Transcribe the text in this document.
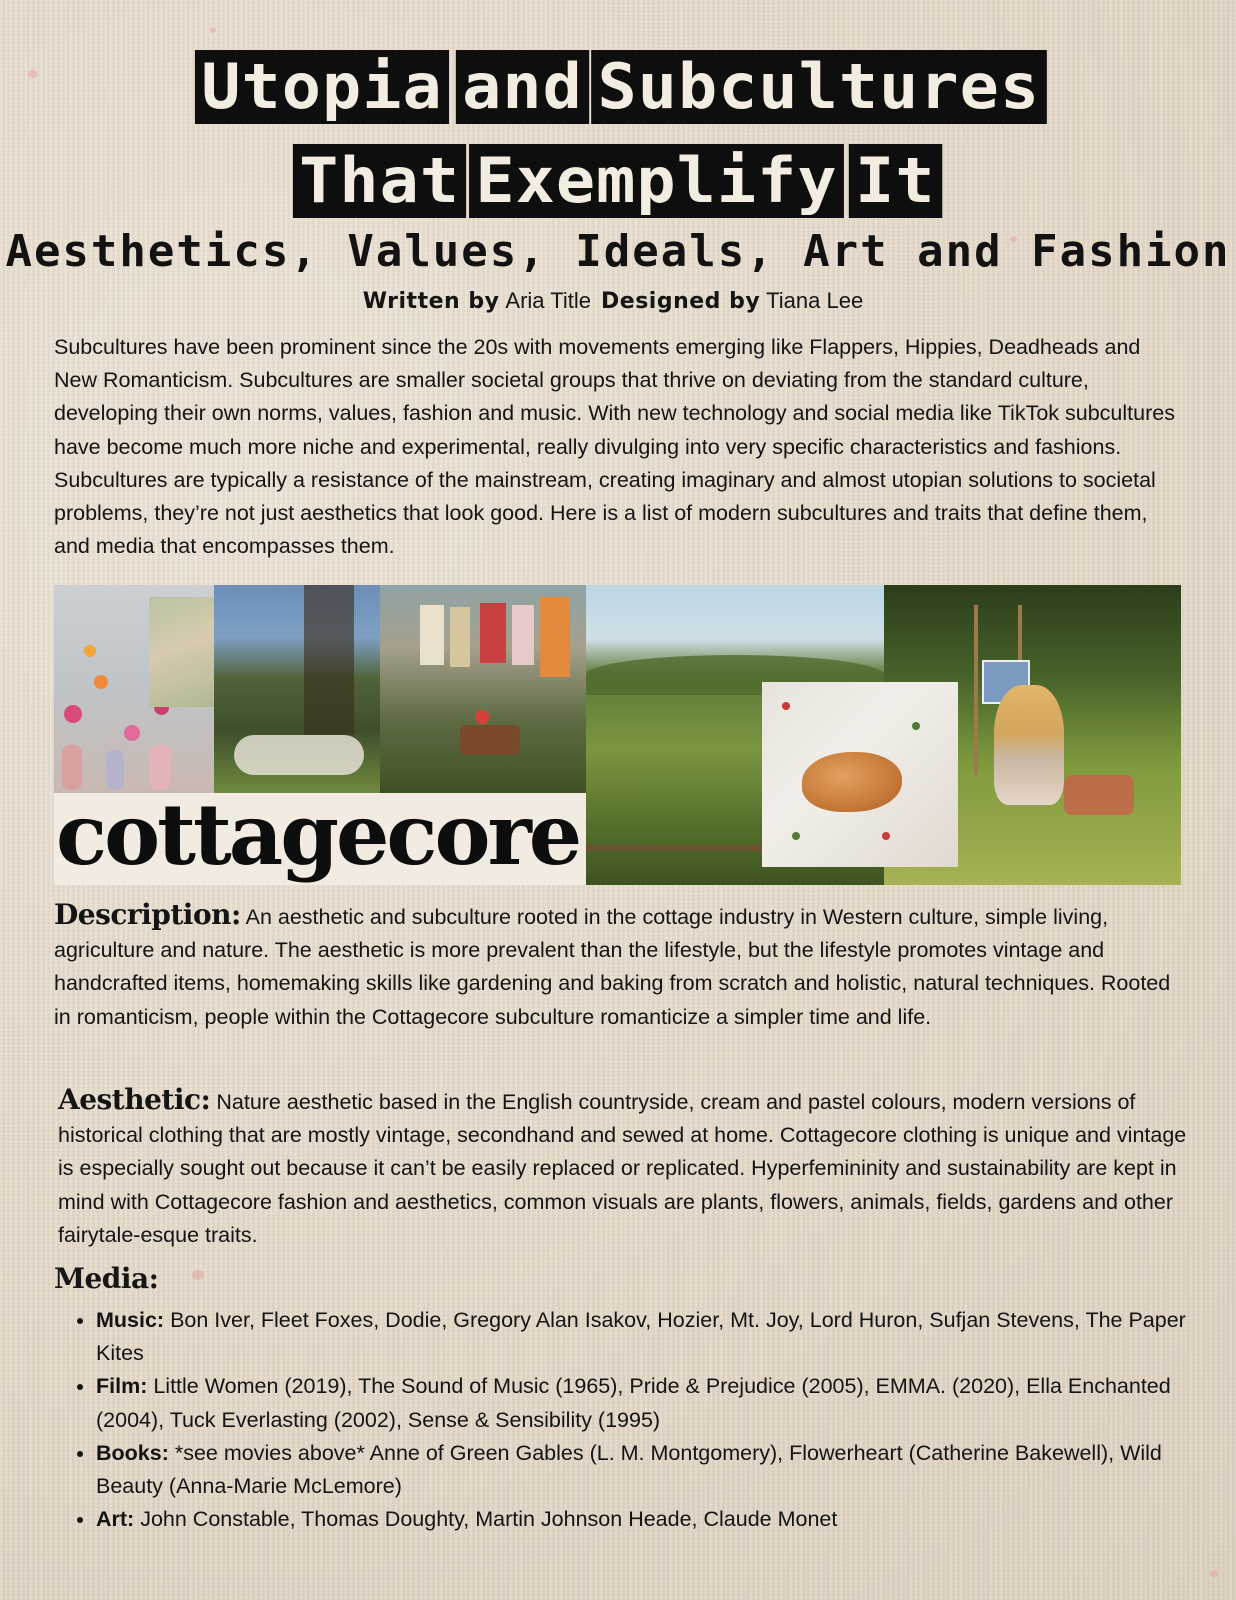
Utopia and Subcultures
That Exemplify It
Aesthetics, Values, Ideals, Art and Fashion
Written by Aria Title Designed by Tiana Lee
Subcultures have been prominent since the 20s with movements emerging like Flappers, Hippies, Deadheads and New Romanticism. Subcultures are smaller societal groups that thrive on deviating from the standard culture, developing their own norms, values, fashion and music. With new technology and social media like TikTok subcultures have become much more niche and experimental, really divulging into very specific characteristics and fashions. Subcultures are typically a resistance of the mainstream, creating imaginary and almost utopian solutions to societal problems, they’re not just aesthetics that look good. Here is a list of modern subcultures and traits that define them, and media that encompasses them.
cottagecore
Description: An aesthetic and subculture rooted in the cottage industry in Western culture, simple living, agriculture and nature. The aesthetic is more prevalent than the lifestyle, but the lifestyle promotes vintage and handcrafted items, homemaking skills like gardening and baking from scratch and holistic, natural techniques. Rooted in romanticism, people within the Cottagecore subculture romanticize a simpler time and life.
Aesthetic: Nature aesthetic based in the English countryside, cream and pastel colours, modern versions of historical clothing that are mostly vintage, secondhand and sewed at home. Cottagecore clothing is unique and vintage is especially sought out because it can’t be easily replaced or replicated. Hyperfemininity and sustainability are kept in mind with Cottagecore fashion and aesthetics, common visuals are plants, flowers, animals, fields, gardens and other fairytale-esque traits.
Media:
• Music: Bon Iver, Fleet Foxes, Dodie, Gregory Alan Isakov, Hozier, Mt. Joy, Lord Huron, Sufjan Stevens, The Paper Kites
• Film: Little Women (2019), The Sound of Music (1965), Pride & Prejudice (2005), EMMA. (2020), Ella Enchanted (2004), Tuck Everlasting (2002), Sense & Sensibility (1995)
• Books: *see movies above* Anne of Green Gables (L. M. Montgomery), Flowerheart (Catherine Bakewell), Wild Beauty (Anna-Marie McLemore)
• Art: John Constable, Thomas Doughty, Martin Johnson Heade, Claude Monet
